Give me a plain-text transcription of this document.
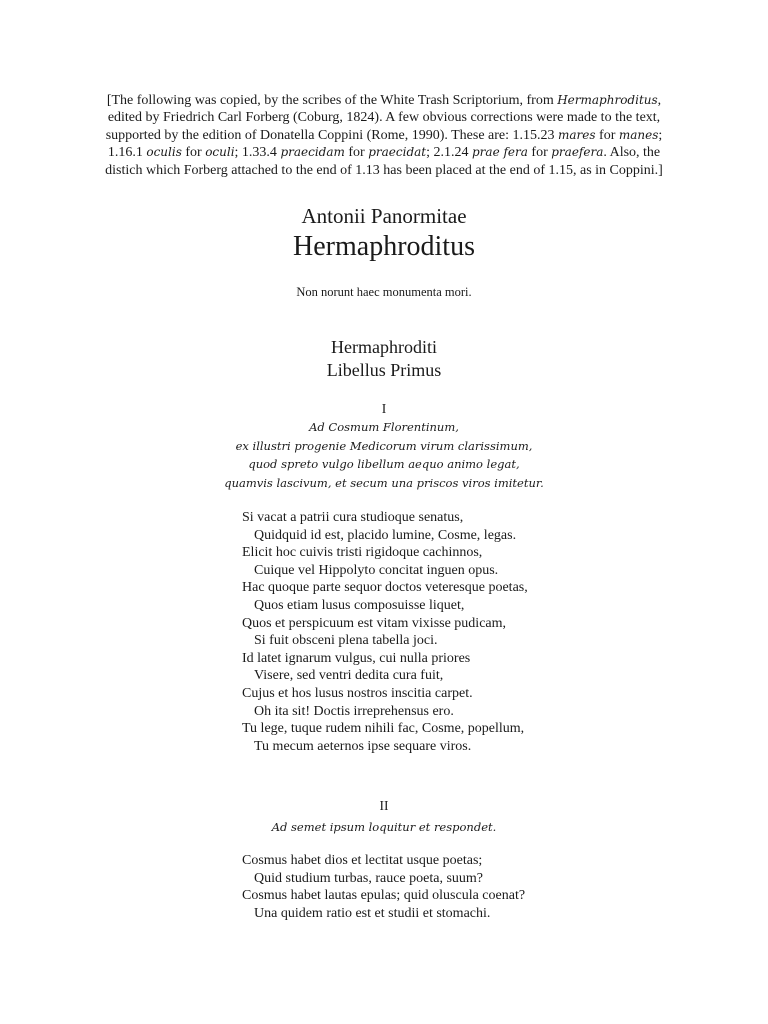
[The following was copied, by the scribes of the White Trash Scriptorium, from Hermaphroditus,
edited by Friedrich Carl Forberg (Coburg, 1824). A few obvious corrections were made to the text,
supported by the edition of Donatella Coppini (Rome, 1990). These are: 1.15.23 mares for manes;
1.16.1 oculis for oculi; 1.33.4 praecidam for praecidat; 2.1.24 prae fera for praefera. Also, the
distich which Forberg attached to the end of 1.13 has been placed at the end of 1.15, as in Coppini.]
Antonii Panormitae
Hermaphroditus
Non norunt haec monumenta mori.
Hermaphroditi
Libellus Primus
I
Ad Cosmum Florentinum,
ex illustri progenie Medicorum virum clarissimum,
quod spreto vulgo libellum aequo animo legat,
quamvis lascivum, et secum una priscos viros imitetur.
Si vacat a patrii cura studioque senatus,
Quidquid id est, placido lumine, Cosme, legas.
Elicit hoc cuivis tristi rigidoque cachinnos,
Cuique vel Hippolyto concitat inguen opus.
Hac quoque parte sequor doctos veteresque poetas,
Quos etiam lusus composuisse liquet,
Quos et perspicuum est vitam vixisse pudicam,
Si fuit obsceni plena tabella joci.
Id latet ignarum vulgus, cui nulla priores
Visere, sed ventri dedita cura fuit,
Cujus et hos lusus nostros inscitia carpet.
Oh ita sit! Doctis irreprehensus ero.
Tu lege, tuque rudem nihili fac, Cosme, popellum,
Tu mecum aeternos ipse sequare viros.
II
Ad semet ipsum loquitur et respondet.
Cosmus habet dios et lectitat usque poetas;
Quid studium turbas, rauce poeta, suum?
Cosmus habet lautas epulas; quid oluscula coenat?
Una quidem ratio est et studii et stomachi.
